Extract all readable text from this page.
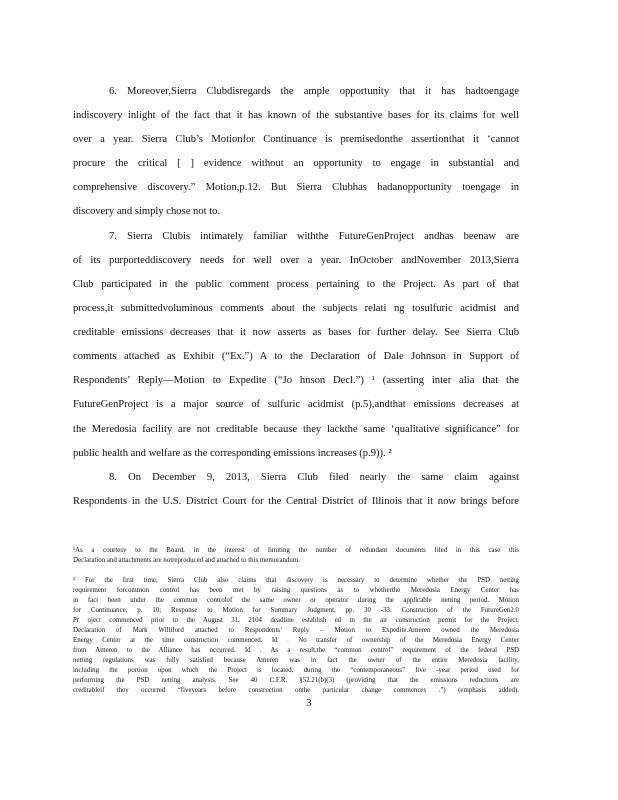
6. Moreover,Sierra Clubdisregards the ample opportunity that it has hadtoengage
indiscovery inlight of the fact that it has known of the substantive bases for its claims for well
over a year. Sierra Club’s Motionfor Continuance is premisedonthe assertionthat it ‘cannot
procure the critical [ ] evidence without an opportunity to engage in substantial and
comprehensive discovery.” Motion,p.12. But Sierra Clubhas hadanopportunity toengage in
discovery and simply chose not to.
7. Sierra Clubis intimately familiar withthe FutureGenProject andhas beenaw are
of its purporteddiscovery needs for well over a year. InOctober andNovember 2013,Sierra
Club participated in the public comment process pertaining to the Project. As part of that
process,it submittedvoluminous comments about the subjects relati ng tosulfuric acidmist and
creditable emissions decreases that it now asserts as bases for further delay. See Sierra Club
comments attached as Exhibit (“Ex.”) A to the Declaration of Dale Johnson in Support of
Respondents’ Reply—Motion to Expedite (“Jo hnson Decl.”) ¹ (asserting inter alia that the
FutureGenProject is a major source of sulfuric acidmist (p.5),andthat emissions decreases at
the Meredosia facility are not creditable because they lackthe same ‘qualitative significance” for
public health and welfare as the corresponding emissions increases (p.9)). ²
8. On December 9, 2013, Sierra Club filed nearly the same claim against
Respondents in the U.S. District Court for the Central District of Illinois that it now brings before
¹As a courtesy to the Board, in the interest of limiting the number of redundant documents filed in this case this
Declaration and attachments are notreproduced and attached to this memorandum.
² For the first time, Sierra Club also claims that discovery is necessary to determine whether the PSD netting
requirement forcommon control has been met by raising questions as to whetherthe Meredosia Energy Center has
in fact been under the common controlof the same owner or operator during the applicable netting period. Motion
for Continuance, p. 10; Response to Motion for Summary Judgment, pp. 30 -33. Construction of the FutureGen2.0
Pr oject commenced prior to the August 31, 2104 deadline establish ed in the air construction permit for the Project.
Declaration of Mark Williford attached to Respondents’ Reply – Motion to Expedite.Ameren owned the Meredosia
Energy Center at the time construction commenced. Id . No transfer of ownership of the Meredosia Energy Center
from Ameren to the Alliance has occurred. Id . As a result,the “common control” requirement of the federal PSD
netting regulations was fully satisfied because Ameren was in fact the owner of the entire Meredosia facility,
including the portion upon which the Project is located, during the “contemporaneous” five -year period used for
performing the PSD netting analysis. See 40 C.F.R. §52.21(b)(3) (providing that the emissions reductions are
creditableif they occurred “fiveyears before construction onthe particular change commences .”) (emphasis added).
3
